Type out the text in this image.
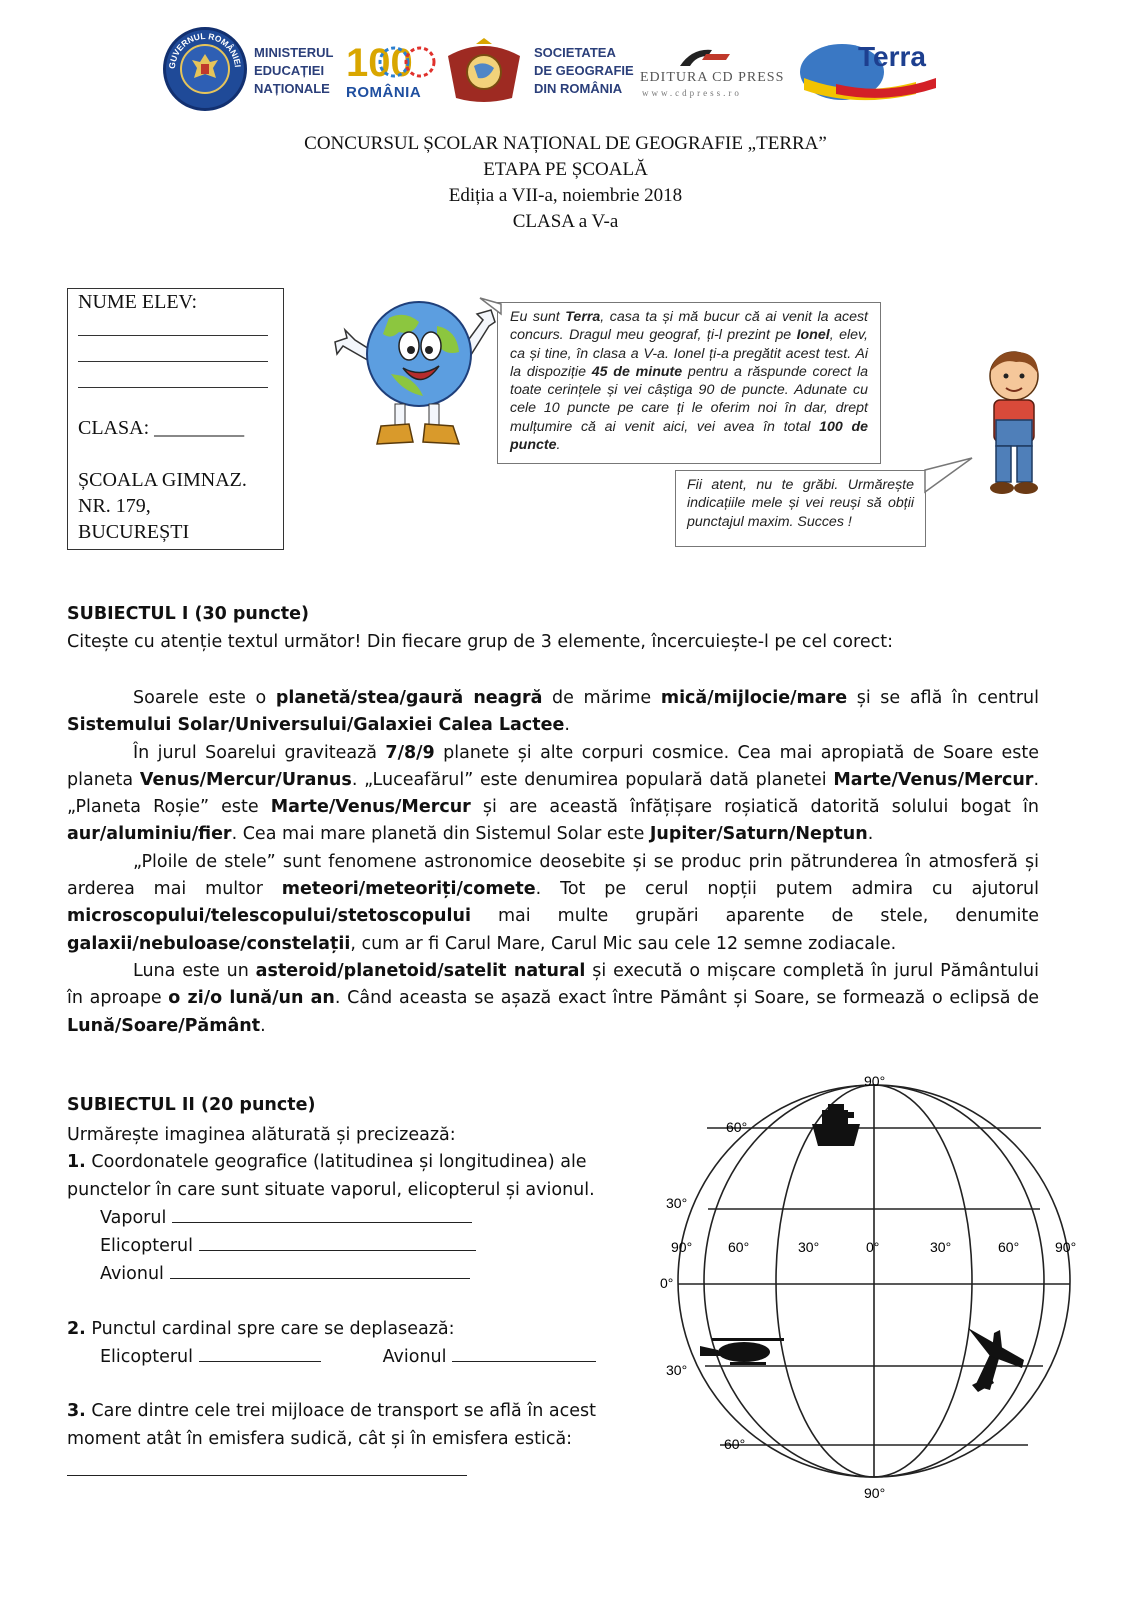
GUVERNUL ROMÂNIEI
MINISTERUL
EDUCAȚIEI
NAȚIONALE
100
ROMÂNIA
SOCIETATEA
DE GEOGRAFIE
DIN ROMÂNIA
EDITURA CD PRESS
www.cdpress.ro
Terra
CONCURSUL ȘCOLAR NAȚIONAL DE GEOGRAFIE „TERRA”
ETAPA PE ȘCOALĂ
Ediția a VII-a, noiembrie 2018
CLASA a V-a
NUME ELEV:
CLASA: _________
ȘCOALA GIMNAZ.
NR. 179,
BUCUREȘTI
Eu sunt Terra, casa ta și mă bucur că ai venit la acest concurs. Dragul meu geograf, ți-l prezint pe Ionel, elev, ca și tine, în clasa a V-a. Ionel ți-a pregătit acest test. Ai la dispoziție 45 de minute pentru a răspunde corect la toate cerințele și vei câștiga 90 de puncte. Adunate cu cele 10 puncte pe care ți le oferim noi în dar, drept mulțumire că ai venit aici, vei avea în total 100 de puncte.
Fii atent, nu te grăbi. Urmărește indicațiile mele și vei reuși să obții punctajul maxim. Succes !
SUBIECTUL I (30 puncte)
Citește cu atenție textul următor! Din fiecare grup de 3 elemente, încercuiește-l pe cel corect:

Soarele este o planetă/stea/gaură neagră de mărime mică/mijlocie/mare și se află în centrul Sistemului Solar/Universului/Galaxiei Calea Lactee.

În jurul Soarelui gravitează 7/8/9 planete și alte corpuri cosmice. Cea mai apropiată de Soare este planeta Venus/Mercur/Uranus. „Luceafărul” este denumirea populară dată planetei Marte/Venus/Mercur. „Planeta Roșie” este Marte/Venus/Mercur și are această înfățișare roșiatică datorită solului bogat în aur/aluminiu/fier. Cea mai mare planetă din Sistemul Solar este Jupiter/Saturn/Neptun.

„Ploile de stele” sunt fenomene astronomice deosebite și se produc prin pătrunderea în atmosferă și arderea mai multor meteori/meteoriți/comete. Tot pe cerul nopții putem admira cu ajutorul microscopului/telescopului/stetoscopului mai multe grupări aparente de stele, denumite galaxii/nebuloase/constelații, cum ar fi Carul Mare, Carul Mic sau cele 12 semne zodiacale.

Luna este un asteroid/planetoid/satelit natural și execută o mișcare completă în jurul Pământului în aproape o zi/o lună/un an. Când aceasta se așază exact între Pământ și Soare, se formează o eclipsă de Lună/Soare/Pământ.

SUBIECTUL II (20 puncte)
Urmărește imaginea alăturată și precizează:
1. Coordonatele geografice (latitudinea și longitudinea) ale punctelor în care sunt situate vaporul, elicopterul și avionul.
Vaporul
Elicopterul
Avionul
2. Punctul cardinal spre care se deplasează:
Elicopterul	Avionul
3. Care dintre cele trei mijloace de transport se află în acest moment atât în emisfera sudică, cât și în emisfera estică:
90°
90°
60°
30°
0°
30°
60°
90°	60°	30°	0°	30°	60°	90°
